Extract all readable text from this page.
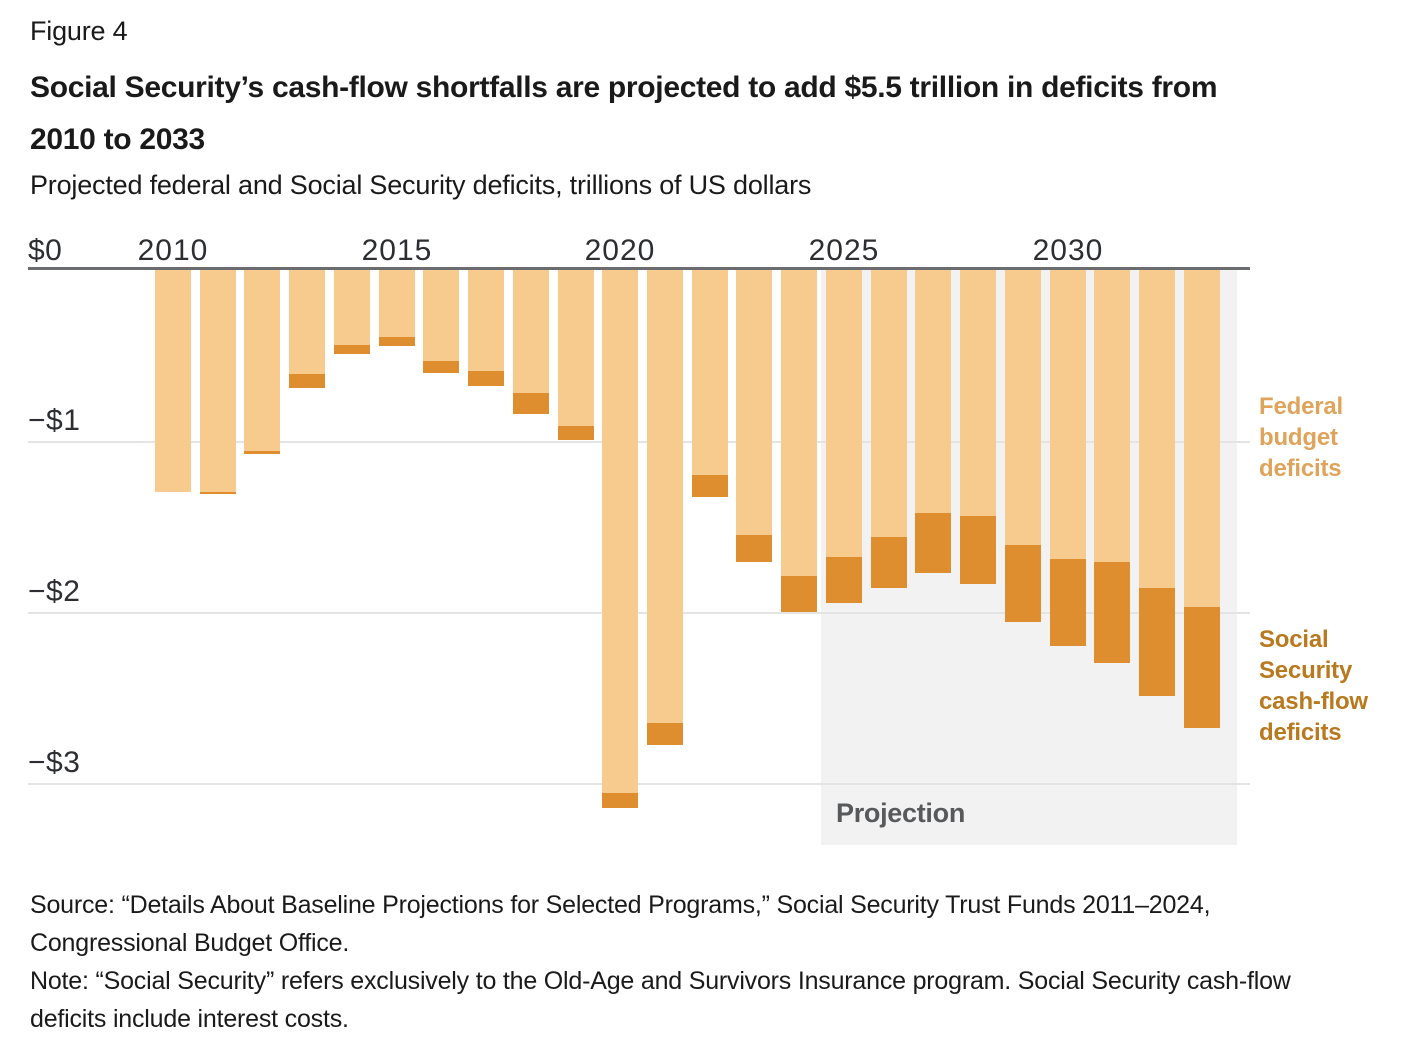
Figure 4
Social Security’s cash-flow shortfalls are projected to add $5.5 trillion in deficits from
2010 to 2033
Projected federal and Social Security deficits, trillions of US dollars
Federal
budget
deficits
Social
Security
cash-flow
deficits
Projection
$0
−$1
−$2
−$3
2010	2015	2020	2025	2030
Source: “Details About Baseline Projections for Selected Programs,” Social Security Trust Funds 2011–2024,
Congressional Budget Office.
Note: “Social Security” refers exclusively to the Old-Age and Survivors Insurance program. Social Security cash-flow
deficits include interest costs.
